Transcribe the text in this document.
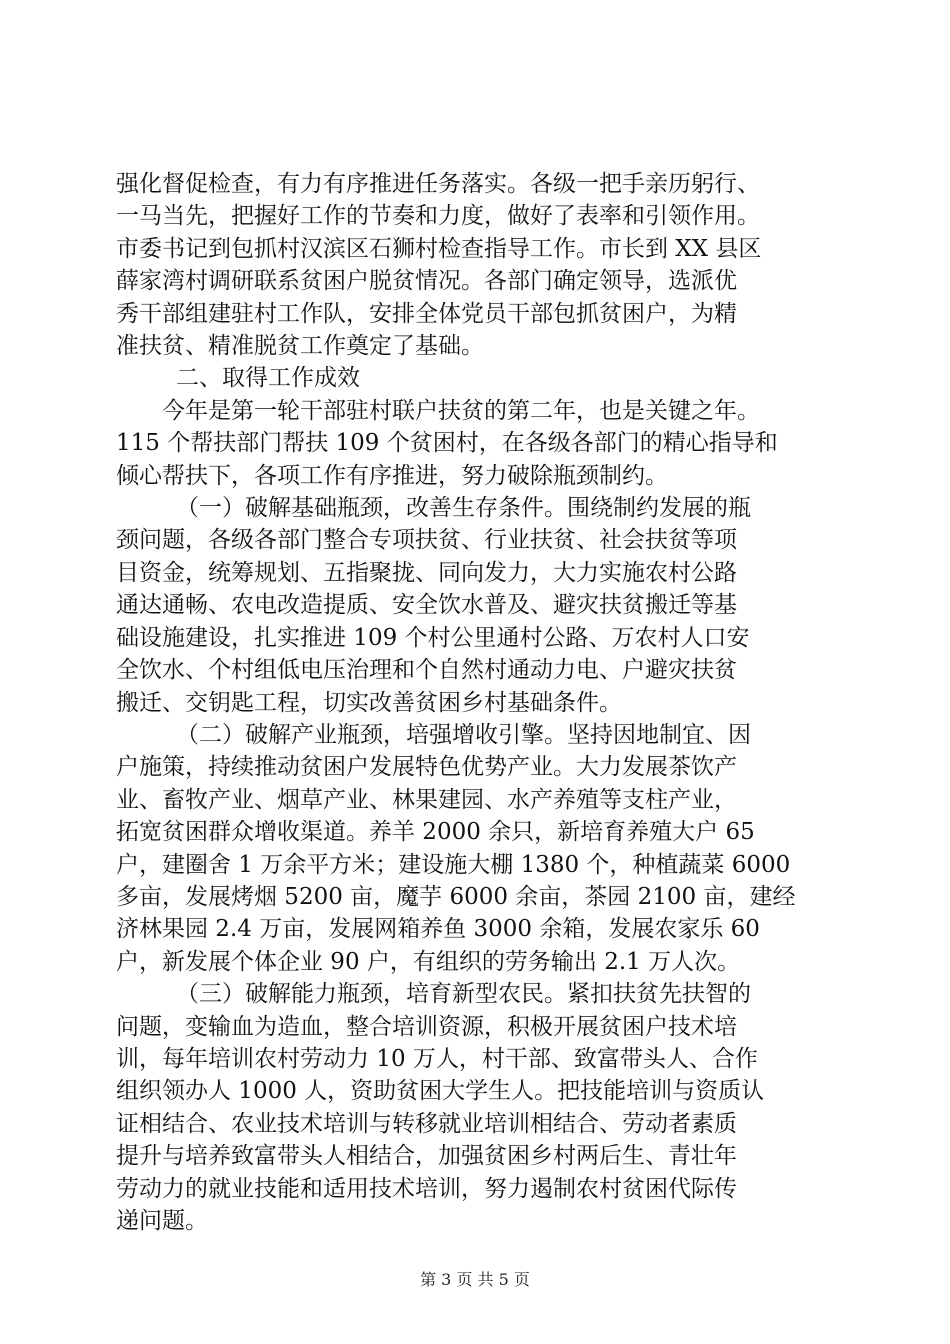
强化督促检查，有力有序推进任务落实。各级一把手亲历躬行、
一马当先，把握好工作的节奏和力度，做好了表率和引领作用。
市委书记到包抓村汉滨区石狮村检查指导工作。市长到 XX 县区
薛家湾村调研联系贫困户脱贫情况。各部门确定领导，选派优
秀干部组建驻村工作队，安排全体党员干部包抓贫困户，为精
准扶贫、精准脱贫工作奠定了基础。

二、取得工作成效

今年是第一轮干部驻村联户扶贫的第二年，也是关键之年。
115 个帮扶部门帮扶 109 个贫困村，在各级各部门的精心指导和
倾心帮扶下，各项工作有序推进，努力破除瓶颈制约。

（一）破解基础瓶颈，改善生存条件。围绕制约发展的瓶
颈问题，各级各部门整合专项扶贫、行业扶贫、社会扶贫等项
目资金，统筹规划、五指聚拢、同向发力，大力实施农村公路
通达通畅、农电改造提质、安全饮水普及、避灾扶贫搬迁等基
础设施建设，扎实推进 109 个村公里通村公路、万农村人口安
全饮水、个村组低电压治理和个自然村通动力电、户避灾扶贫
搬迁、交钥匙工程，切实改善贫困乡村基础条件。

（二）破解产业瓶颈，培强增收引擎。坚持因地制宜、因
户施策，持续推动贫困户发展特色优势产业。大力发展茶饮产
业、畜牧产业、烟草产业、林果建园、水产养殖等支柱产业，
拓宽贫困群众增收渠道。养羊 2000 余只，新培育养殖大户 65
户，建圈舍 1 万余平方米；建设施大棚 1380 个，种植蔬菜 6000
多亩，发展烤烟 5200 亩，魔芋 6000 余亩，茶园 2100 亩，建经
济林果园 2.4 万亩，发展网箱养鱼 3000 余箱，发展农家乐 60
户，新发展个体企业 90 户，有组织的劳务输出 2.1 万人次。

（三）破解能力瓶颈，培育新型农民。紧扣扶贫先扶智的
问题，变输血为造血，整合培训资源，积极开展贫困户技术培
训，每年培训农村劳动力 10 万人，村干部、致富带头人、合作
组织领办人 1000 人，资助贫困大学生人。把技能培训与资质认
证相结合、农业技术培训与转移就业培训相结合、劳动者素质
提升与培养致富带头人相结合，加强贫困乡村两后生、青壮年
劳动力的就业技能和适用技术培训，努力遏制农村贫困代际传
递问题。

第 3 页 共 5 页
